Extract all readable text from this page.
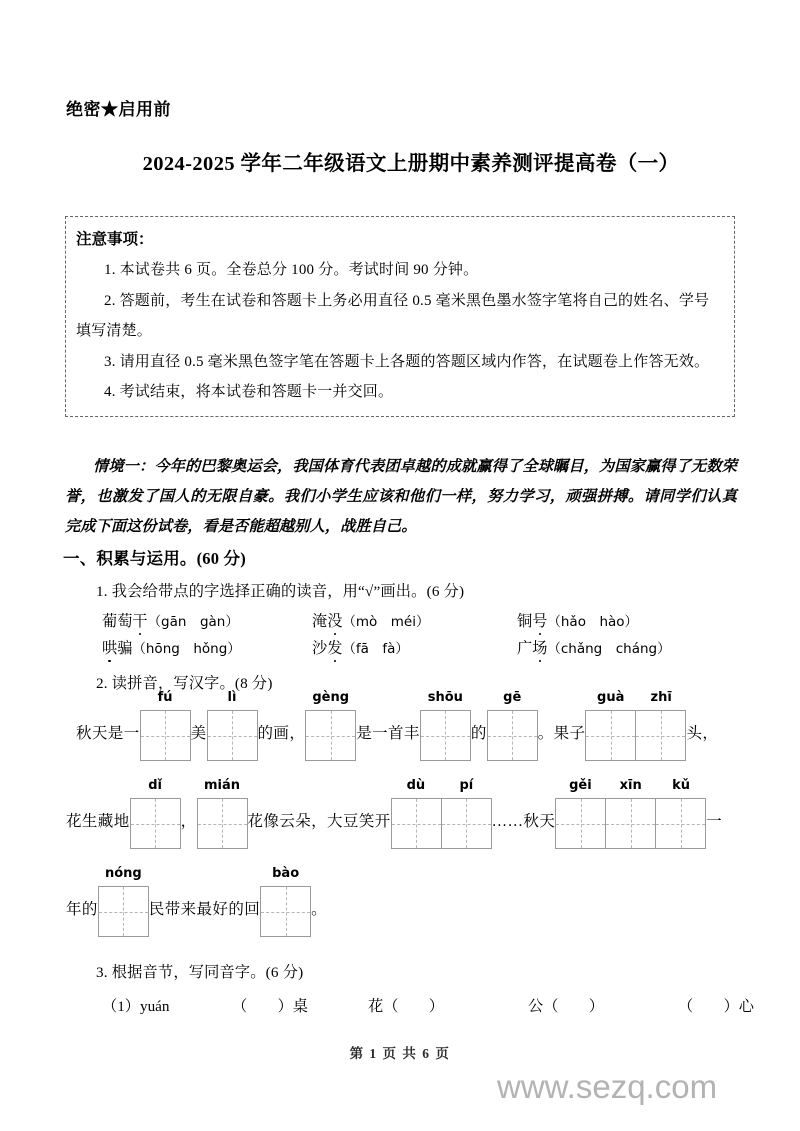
绝密★启用前
2024-2025 学年二年级语文上册期中素养测评提高卷（一）
注意事项：
1. 本试卷共 6 页。全卷总分 100 分。考试时间 90 分钟。
2. 答题前，考生在试卷和答题卡上务必用直径 0.5 毫米黑色墨水签字笔将自己的姓名、学号填写清楚。
3. 请用直径 0.5 毫米黑色签字笔在答题卡上各题的答题区域内作答，在试题卷上作答无效。
4. 考试结束，将本试卷和答题卡一并交回。
情境一：今年的巴黎奥运会，我国体育代表团卓越的成就赢得了全球瞩目，为国家赢得了无数荣誉，也激发了国人的无限自豪。我们小学生应该和他们一样，努力学习，顽强拼搏。请同学们认真完成下面这份试卷，看是否能超越别人，战胜自己。
一、积累与运用。(60 分)
1. 我会给带点的字选择正确的读音，用“√”画出。(6 分)
葡萄干（gān　gàn）	淹没（mò　méi）	铜号（hǎo　hào）
哄骗（hōng　hǒng）	沙发（fā　fà）	广场（chǎng　cháng）
2. 读拼音，写汉字。(8 分)
秋天是一
fú
美
lì
的画，
gèng
是一首丰
shōu
的
gē
。果子
guà	zhī
头，
花生藏地
dǐ
，
mián
花像云朵，大豆笑开
dù	pí
……秋天
gěi	xīn	kǔ
一
年的
nóng
民带来最好的回
bào
。
3. 根据音节，写同音字。(6 分)
（1）yuán	（　　）桌	花（　　）	公（　　）	（　　）心
第 1 页 共 6 页
www.sezq.com
